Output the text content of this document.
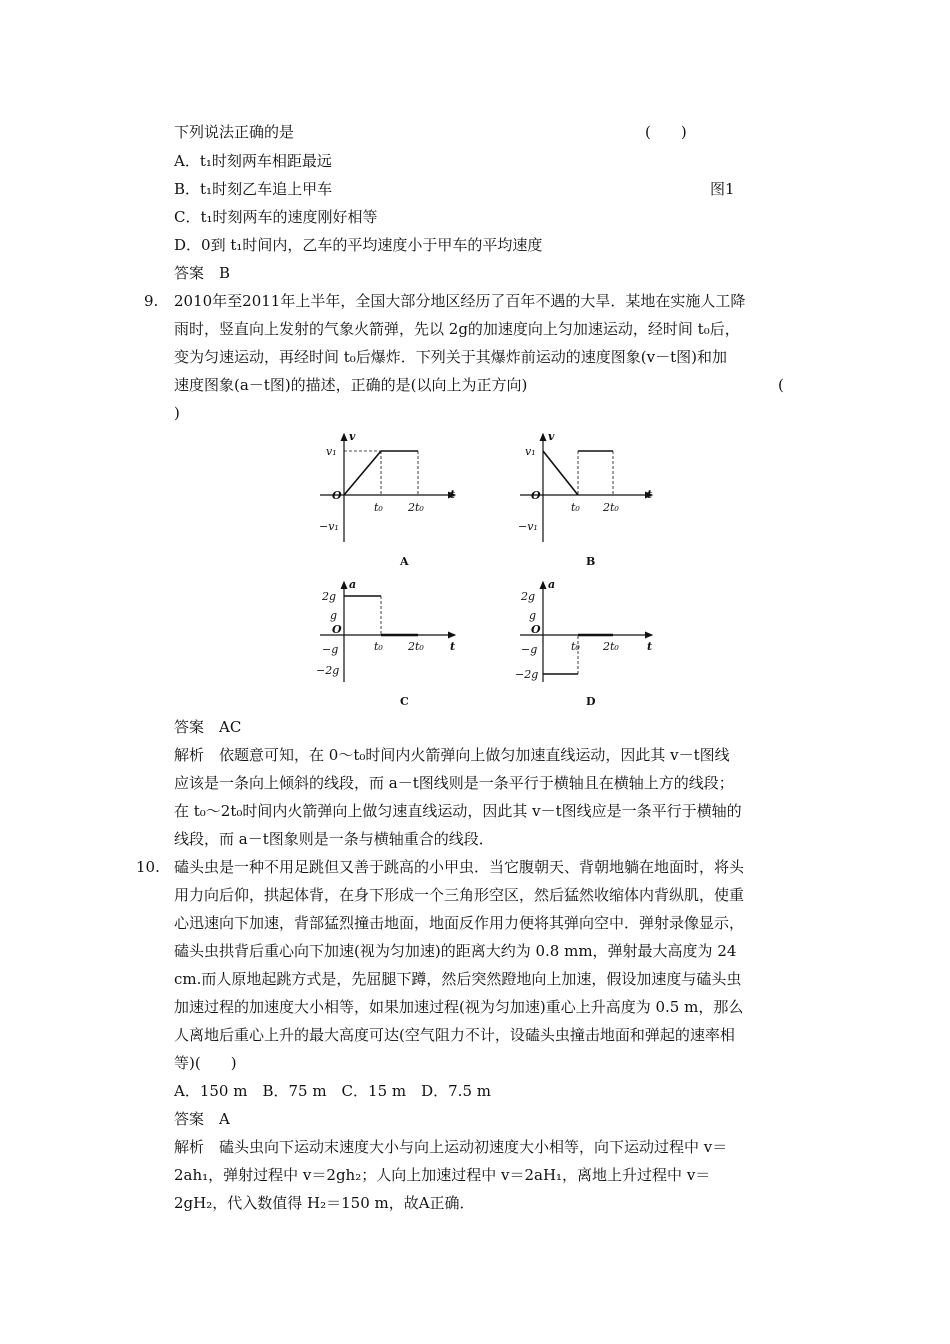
下列说法正确的是	(　　)
A．t₁时刻两车相距最远
B．t₁时刻乙车追上甲车	图1
C．t₁时刻两车的速度刚好相等
D．0到 t₁时间内，乙车的平均速度小于甲车的平均速度
答案　B
9. 2010年至2011年上半年，全国大部分地区经历了百年不遇的大旱．某地在实施人工降
雨时，竖直向上发射的气象火箭弹，先以 2g的加速度向上匀加速运动，经时间 t₀后，
变为匀速运动，再经时间 t₀后爆炸．下列关于其爆炸前运动的速度图象(v－t图)和加
速度图象(a－t图)的描述，正确的是(以向上为正方向)	(
)
v
v₁
O
t₀ 2t₀
t
−v₁
A
v
v₁
O
t₀ 2t₀
t
−v₁
B
a
2g
g
O
−g
−2g
t₀ 2t₀ t
C
a
2g
g
O
−g
−2g
t₀ 2t₀	t
D
答案　AC
解析　依题意可知，在 0～t₀时间内火箭弹向上做匀加速直线运动，因此其 v－t图线
应该是一条向上倾斜的线段，而 a－t图线则是一条平行于横轴且在横轴上方的线段；
在 t₀～2t₀时间内火箭弹向上做匀速直线运动，因此其 v－t图线应是一条平行于横轴的
线段，而 a－t图象则是一条与横轴重合的线段．
10. 磕头虫是一种不用足跳但又善于跳高的小甲虫．当它腹朝天、背朝地躺在地面时，将头
用力向后仰，拱起体背，在身下形成一个三角形空区，然后猛然收缩体内背纵肌，使重
心迅速向下加速，背部猛烈撞击地面，地面反作用力便将其弹向空中．弹射录像显示，
磕头虫拱背后重心向下加速(视为匀加速)的距离大约为 0.8 mm，弹射最大高度为 24
cm.而人原地起跳方式是，先屈腿下蹲，然后突然蹬地向上加速，假设加速度与磕头虫
加速过程的加速度大小相等，如果加速过程(视为匀加速)重心上升高度为 0.5 m，那么
人离地后重心上升的最大高度可达(空气阻力不计，设磕头虫撞击地面和弹起的速率相
等)(　　)
A．150 m　B．75 m　C．15 m　D．7.5 m
答案　A
解析　磕头虫向下运动末速度大小与向上运动初速度大小相等，向下运动过程中 v＝
2ah₁，弹射过程中 v＝2gh₂；人向上加速过程中 v＝2aH₁，离地上升过程中 v＝
2gH₂，代入数值得 H₂＝150 m，故A正确．
